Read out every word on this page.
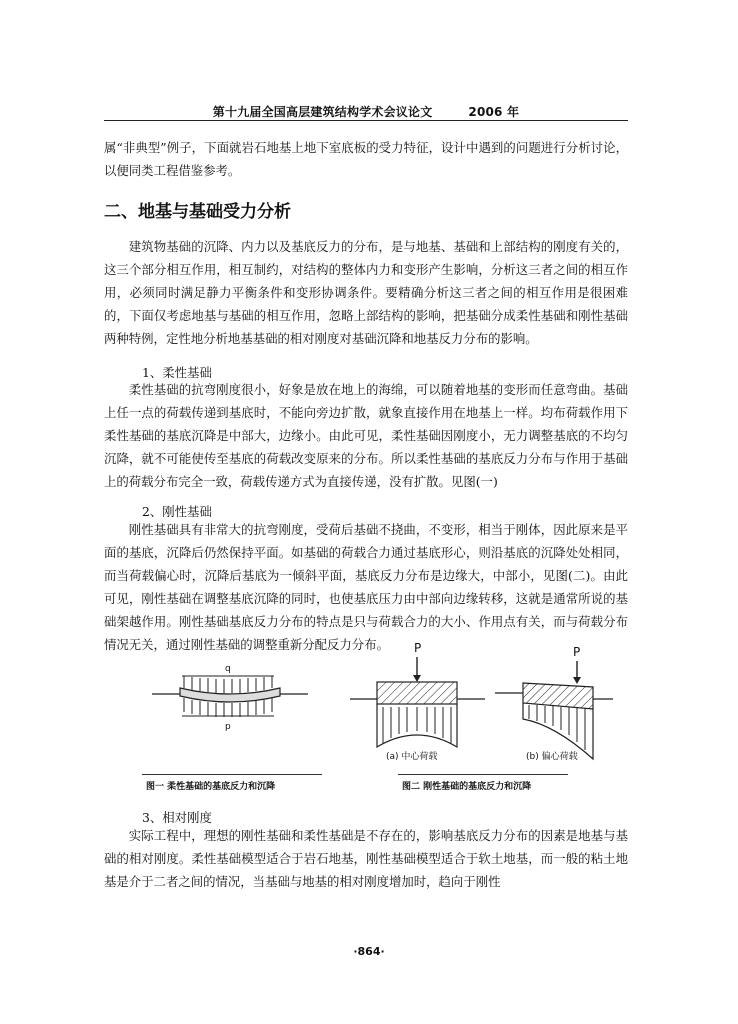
第十九届全国高层建筑结构学术会议论文	2006 年

属“非典型”例子，下面就岩石地基上地下室底板的受力特征，设计中遇到的问题进行分析讨论，以便同类工程借鉴参考。

二、地基与基础受力分析

建筑物基础的沉降、内力以及基底反力的分布，是与地基、基础和上部结构的刚度有关的，这三个部分相互作用，相互制约，对结构的整体内力和变形产生影响，分析这三者之间的相互作用，必须同时满足静力平衡条件和变形协调条件。要精确分析这三者之间的相互作用是很困难的，下面仅考虑地基与基础的相互作用，忽略上部结构的影响，把基础分成柔性基础和刚性基础两种特例，定性地分析地基基础的相对刚度对基础沉降和地基反力分布的影响。

1、柔性基础

柔性基础的抗弯刚度很小，好象是放在地上的海绵，可以随着地基的变形而任意弯曲。基础上任一点的荷载传递到基底时，不能向旁边扩散，就象直接作用在地基上一样。均布荷载作用下柔性基础的基底沉降是中部大，边缘小。由此可见，柔性基础因刚度小，无力调整基底的不均匀沉降，就不可能使传至基底的荷载改变原来的分布。所以柔性基础的基底反力分布与作用于基础上的荷载分布完全一致，荷载传递方式为直接传递，没有扩散。见图(一)

2、刚性基础

刚性基础具有非常大的抗弯刚度，受荷后基础不挠曲，不变形，相当于刚体，因此原来是平面的基底，沉降后仍然保持平面。如基础的荷载合力通过基底形心，则沿基底的沉降处处相同，而当荷载偏心时，沉降后基底为一倾斜平面，基底反力分布是边缘大，中部小，见图(二)。由此可见，刚性基础在调整基底沉降的同时，也使基底压力由中部向边缘转移，这就是通常所说的基础架越作用。刚性基础基底反力分布的特点是只与荷载合力的大小、作用点有关，而与荷载分布情况无关，通过刚性基础的调整重新分配反力分布。

q
p
P	P
(a) 中心荷载	(b) 偏心荷载
图一 柔性基础的基底反力和沉降	图二 刚性基础的基底反力和沉降

3、相对刚度

实际工程中，理想的刚性基础和柔性基础是不存在的，影响基底反力分布的因素是地基与基础的相对刚度。柔性基础模型适合于岩石地基，刚性基础模型适合于软土地基，而一般的粘土地基是介于二者之间的情况，当基础与地基的相对刚度增加时，趋向于刚性

·864·
